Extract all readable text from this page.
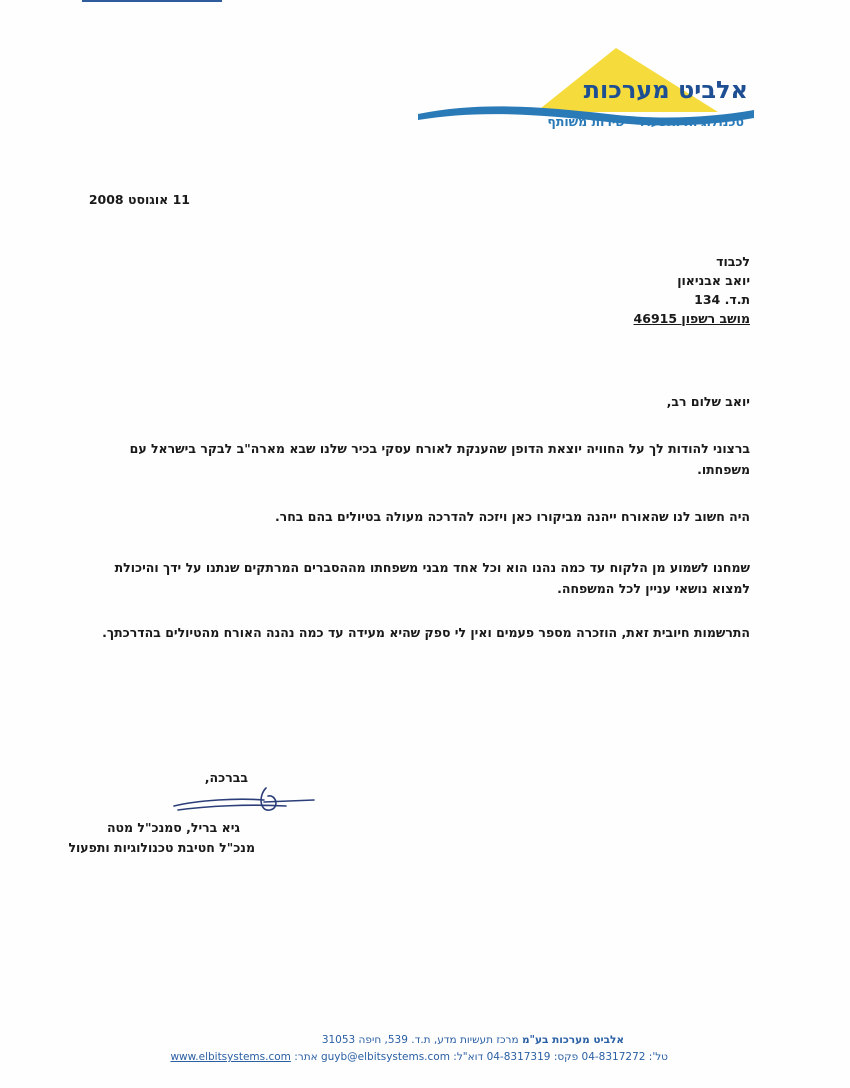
אלביט מערכות
טכנולוגיות ותפעול - שירות משותף
11 אוגוסט 2008
לכבוד
יואב אבניאון
ת.ד. 134
מושב רשפון 46915
יואב שלום רב,
ברצוני להודות לך על החוויה יוצאת הדופן שהענקת לאורח עסקי בכיר שלנו שבא מארה"ב לבקר בישראל עם משפחתו.
היה חשוב לנו שהאורח ייהנה מביקורו כאן ויזכה להדרכה מעולה בטיולים בהם בחר.
שמחנו לשמוע מן הלקוח עד כמה נהנו הוא וכל אחד מבני משפחתו מההסברים המרתקים שנתנו על ידך והיכולת למצוא נושאי עניין לכל המשפחה.
התרשמות חיובית זאת, הוזכרה מספר פעמים ואין לי ספק שהיא מעידה עד כמה נהנה האורח מהטיולים בהדרכתך.
בברכה,
גיא בריל, סמנכ"ל מטה
מנכ"ל חטיבת טכנולוגיות ותפעול
אלביט מערכות בע"מ מרכז תעשיות מדע, ת.ד. 539, חיפה 31053
טל': 04-8317272 פקס: 04-8317319 דוא"ל: guyb@elbitsystems.com אתר: www.elbitsystems.com
